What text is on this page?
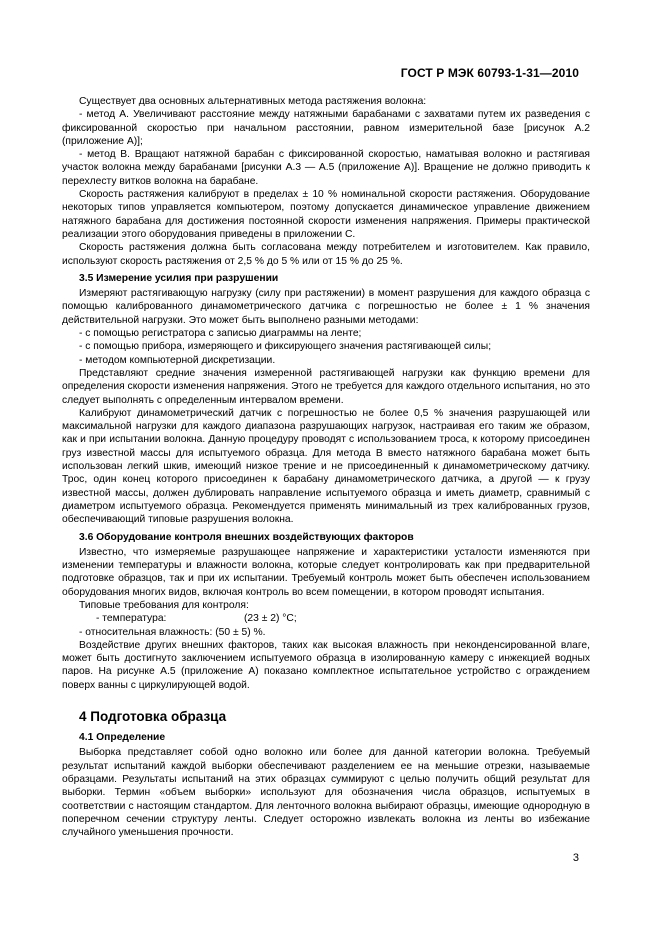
ГОСТ Р МЭК 60793-1-31—2010

Существует два основных альтернативных метода растяжения волокна:

- метод А. Увеличивают расстояние между натяжными барабанами с захватами путем их разведения с фиксированной скоростью при начальном расстоянии, равном измерительной базе [рисунок А.2 (приложение А)];

- метод В. Вращают натяжной барабан с фиксированной скоростью, наматывая волокно и растягивая участок волокна между барабанами [рисунки А.3 — А.5 (приложение А)]. Вращение не должно приводить к перехлесту витков волокна на барабане.

Скорость растяжения калибруют в пределах ± 10 % номинальной скорости растяжения. Оборудование некоторых типов управляется компьютером, поэтому допускается динамическое управление движением натяжного барабана для достижения постоянной скорости изменения напряжения. Примеры практической реализации этого оборудования приведены в приложении С.

Скорость растяжения должна быть согласована между потребителем и изготовителем. Как правило, используют скорость растяжения от 2,5 % до 5 % или от 15 % до 25 %.

3.5 Измерение усилия при разрушении

Измеряют растягивающую нагрузку (силу при растяжении) в момент разрушения для каждого образца с помощью калиброванного динамометрического датчика с погрешностью не более ± 1 % значения действительной нагрузки. Это может быть выполнено разными методами:

- с помощью регистратора с записью диаграммы на ленте;

- с помощью прибора, измеряющего и фиксирующего значения растягивающей силы;

- методом компьютерной дискретизации.

Представляют средние значения измеренной растягивающей нагрузки как функцию времени для определения скорости изменения напряжения. Этого не требуется для каждого отдельного испытания, но это следует выполнять с определенным интервалом времени.

Калибруют динамометрический датчик с погрешностью не более 0,5 % значения разрушающей или максимальной нагрузки для каждого диапазона разрушающих нагрузок, настраивая его таким же образом, как и при испытании волокна. Данную процедуру проводят с использованием троса, к которому присоединен груз известной массы для испытуемого образца. Для метода В вместо натяжного барабана может быть использован легкий шкив, имеющий низкое трение и не присоединенный к динамометрическому датчику. Трос, один конец которого присоединен к барабану динамометрического датчика, а другой — к грузу известной массы, должен дублировать направление испытуемого образца и иметь диаметр, сравнимый с диаметром испытуемого образца. Рекомендуется применять минимальный из трех калиброванных грузов, обеспечивающий типовые разрушения волокна.

3.6 Оборудование контроля внешних воздействующих факторов

Известно, что измеряемые разрушающее напряжение и характеристики усталости изменяются при изменении температуры и влажности волокна, которые следует контролировать как при предварительной подготовке образцов, так и при их испытании. Требуемый контроль может быть обеспечен использованием оборудования многих видов, включая контроль во всем помещении, в котором проводят испытания.

Типовые требования для контроля:

- температура:	(23 ± 2) °С;

- относительная влажность: (50 ± 5) %.

Воздействие других внешних факторов, таких как высокая влажность при неконденсированной влаге, может быть достигнуто заключением испытуемого образца в изолированную камеру с инжекцией водных паров. На рисунке А.5 (приложение А) показано комплектное испытательное устройство с ограждением поверх ванны с циркулирующей водой.

4 Подготовка образца

4.1 Определение

Выборка представляет собой одно волокно или более для данной категории волокна. Требуемый результат испытаний каждой выборки обеспечивают разделением ее на меньшие отрезки, называемые образцами. Результаты испытаний на этих образцах суммируют с целью получить общий результат для выборки. Термин «объем выборки» используют для обозначения числа образцов, испытуемых в соответствии с настоящим стандартом. Для ленточного волокна выбирают образцы, имеющие однородную в поперечном сечении структуру ленты. Следует осторожно извлекать волокна из ленты во избежание случайного уменьшения прочности.

3
